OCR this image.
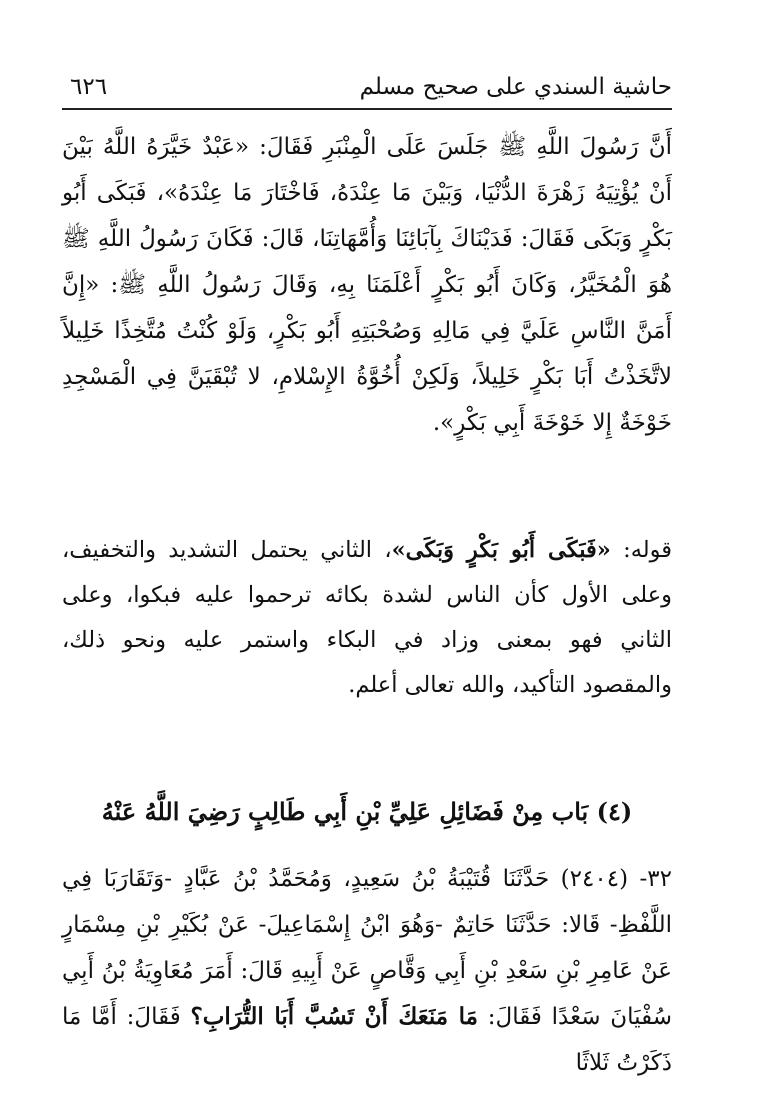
حاشية السندي على صحيح مسلم
٦٢٦

أَنَّ رَسُولَ اللَّهِ ﷺ جَلَسَ عَلَى الْمِنْبَرِ فَقَالَ: «عَبْدٌ خَيَّرَهُ اللَّهُ بَيْنَ أَنْ يُؤْتِيَهُ زَهْرَةَ الدُّنْيَا، وَبَيْنَ مَا عِنْدَهُ، فَاخْتَارَ مَا عِنْدَهُ»، فَبَكَى أَبُو بَكْرٍ وَبَكَى فَقَالَ: فَدَيْنَاكَ بِآبَائِنَا وَأُمَّهَاتِنَا، قَالَ: فَكَانَ رَسُولُ اللَّهِ ﷺ هُوَ الْمُخَيَّرُ، وَكَانَ أَبُو بَكْرٍ أَعْلَمَنَا بِهِ، وَقَالَ رَسُولُ اللَّهِ ﷺ: «إِنَّ أَمَنَّ النَّاسِ عَلَيَّ فِي مَالِهِ وَصُحْبَتِهِ أَبُو بَكْرٍ، وَلَوْ كُنْتُ مُتَّخِذًا خَلِيلاً لاتَّخَذْتُ أَبَا بَكْرٍ خَلِيلاً، وَلَكِنْ أُخُوَّةُ الإِسْلامِ، لا تُبْقَيَنَّ فِي الْمَسْجِدِ خَوْخَةٌ إِلا خَوْخَةَ أَبِي بَكْرٍ».

قوله: «فَبَكَى أَبُو بَكْرٍ وَبَكَى»، الثاني يحتمل التشديد والتخفيف، وعلى الأول كأن الناس لشدة بكائه ترحموا عليه فبكوا، وعلى الثاني فهو بمعنى وزاد في البكاء واستمر عليه ونحو ذلك، والمقصود التأكيد، والله تعالى أعلم.

(٤) بَاب مِنْ فَضَائِلِ عَلِيِّ بْنِ أَبِي طَالِبٍ رَضِيَ اللَّهُ عَنْهُ

٣٢- (٢٤٠٤) حَدَّثَنَا قُتَيْبَةُ بْنُ سَعِيدٍ، وَمُحَمَّدُ بْنُ عَبَّادٍ -وَتَقَارَبَا فِي اللَّفْظِ- قَالا: حَدَّثَنَا حَاتِمٌ -وَهُوَ ابْنُ إِسْمَاعِيلَ- عَنْ بُكَيْرِ بْنِ مِسْمَارٍ عَنْ عَامِرِ بْنِ سَعْدِ بْنِ أَبِي وَقَّاصٍ عَنْ أَبِيهِ قَالَ: أَمَرَ مُعَاوِيَةُ بْنُ أَبِي سُفْيَانَ سَعْدًا فَقَالَ: مَا مَنَعَكَ أَنْ تَسُبَّ أَبَا التُّرَابِ؟ فَقَالَ: أَمَّا مَا ذَكَرْتُ ثَلاثًا
